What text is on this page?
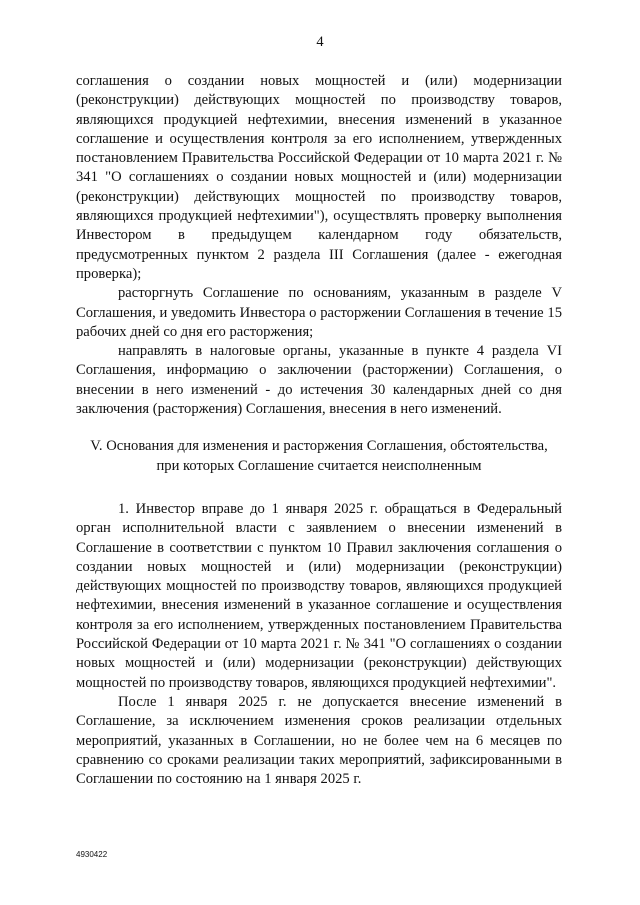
4

соглашения о создании новых мощностей и (или) модернизации (реконструкции) действующих мощностей по производству товаров, являющихся продукцией нефтехимии, внесения изменений в указанное соглашение и осуществления контроля за его исполнением, утвержденных постановлением Правительства Российской Федерации от 10 марта 2021 г. № 341 "О соглашениях о создании новых мощностей и (или) модернизации (реконструкции) действующих мощностей по производству товаров, являющихся продукцией нефтехимии"), осуществлять проверку выполнения Инвестором в предыдущем календарном году обязательств, предусмотренных пунктом 2 раздела III Соглашения (далее - ежегодная проверка);

расторгнуть Соглашение по основаниям, указанным в разделе V Соглашения, и уведомить Инвестора о расторжении Соглашения в течение 15 рабочих дней со дня его расторжения;

направлять в налоговые органы, указанные в пункте 4 раздела VI Соглашения, информацию о заключении (расторжении) Соглашения, о внесении в него изменений - до истечения 30 календарных дней со дня заключения (расторжения) Соглашения, внесения в него изменений.

V. Основания для изменения и расторжения Соглашения, обстоятельства,
при которых Соглашение считается неисполненным

1. Инвестор вправе до 1 января 2025 г. обращаться в Федеральный орган исполнительной власти с заявлением о внесении изменений в Соглашение в соответствии с пунктом 10 Правил заключения соглашения о создании новых мощностей и (или) модернизации (реконструкции) действующих мощностей по производству товаров, являющихся продукцией нефтехимии, внесения изменений в указанное соглашение и осуществления контроля за его исполнением, утвержденных постановлением Правительства Российской Федерации от 10 марта 2021 г. № 341 "О соглашениях о создании новых мощностей и (или) модернизации (реконструкции) действующих мощностей по производству товаров, являющихся продукцией нефтехимии".

После 1 января 2025 г. не допускается внесение изменений в Соглашение, за исключением изменения сроков реализации отдельных мероприятий, указанных в Соглашении, но не более чем на 6 месяцев по сравнению со сроками реализации таких мероприятий, зафиксированными в Соглашении по состоянию на 1 января 2025 г.

4930422
